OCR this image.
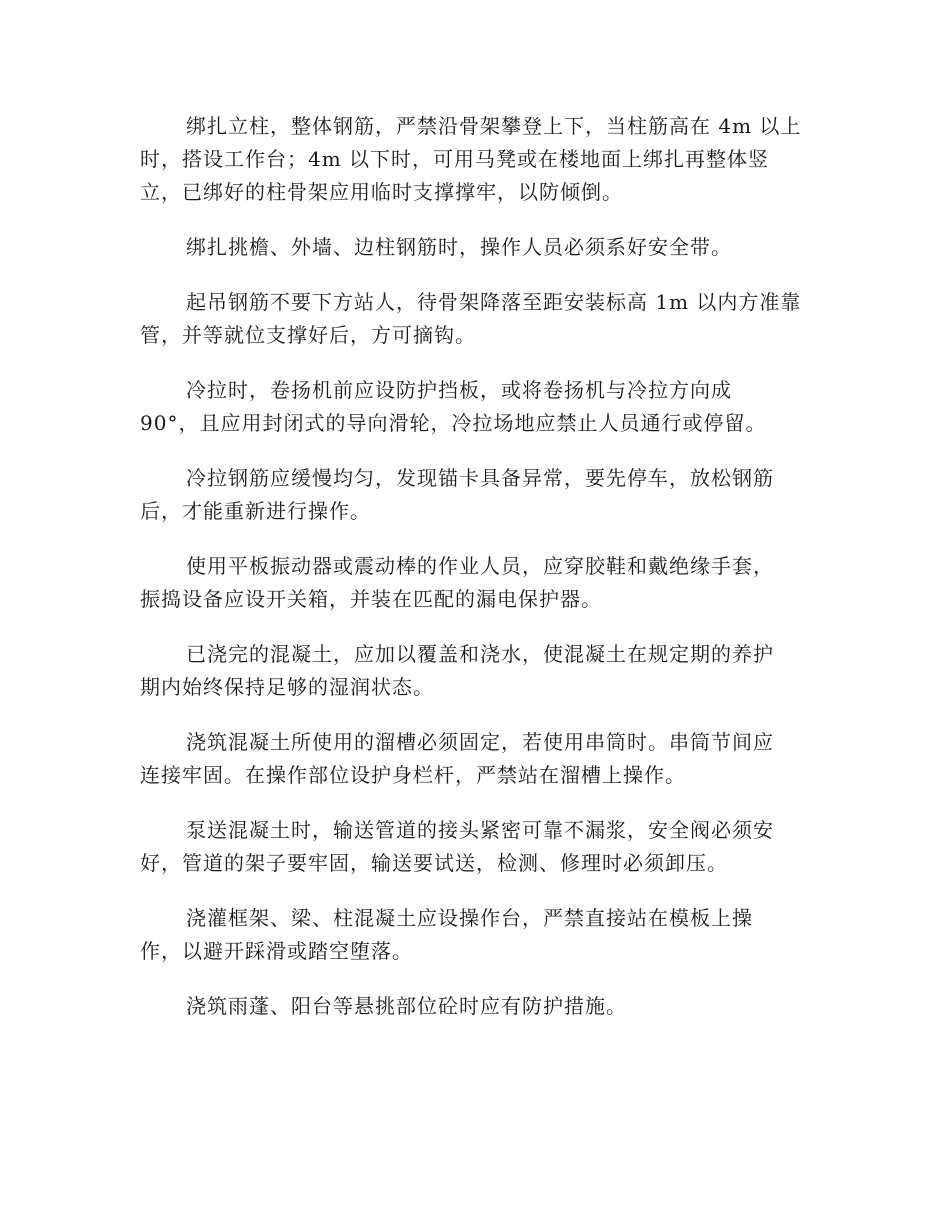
绑扎立柱，整体钢筋，严禁沿骨架攀登上下，当柱筋高在 4m 以上
时，搭设工作台；4m 以下时，可用马凳或在楼地面上绑扎再整体竖
立，已绑好的柱骨架应用临时支撑撑牢，以防倾倒。

绑扎挑檐、外墙、边柱钢筋时，操作人员必须系好安全带。

起吊钢筋不要下方站人，待骨架降落至距安装标高 1m 以内方准靠
管，并等就位支撑好后，方可摘钩。

冷拉时，卷扬机前应设防护挡板，或将卷扬机与冷拉方向成
90°，且应用封闭式的导向滑轮，冷拉场地应禁止人员通行或停留。

冷拉钢筋应缓慢均匀，发现锚卡具备异常，要先停车，放松钢筋
后，才能重新进行操作。

使用平板振动器或震动棒的作业人员，应穿胶鞋和戴绝缘手套，
振捣设备应设开关箱，并装在匹配的漏电保护器。

已浇完的混凝土，应加以覆盖和浇水，使混凝土在规定期的养护
期内始终保持足够的湿润状态。

浇筑混凝土所使用的溜槽必须固定，若使用串筒时。串筒节间应
连接牢固。在操作部位设护身栏杆，严禁站在溜槽上操作。

泵送混凝土时，输送管道的接头紧密可靠不漏浆，安全阀必须安
好，管道的架子要牢固，输送要试送，检测、修理时必须卸压。

浇灌框架、梁、柱混凝土应设操作台，严禁直接站在模板上操
作，以避开踩滑或踏空堕落。

浇筑雨蓬、阳台等悬挑部位砼时应有防护措施。
